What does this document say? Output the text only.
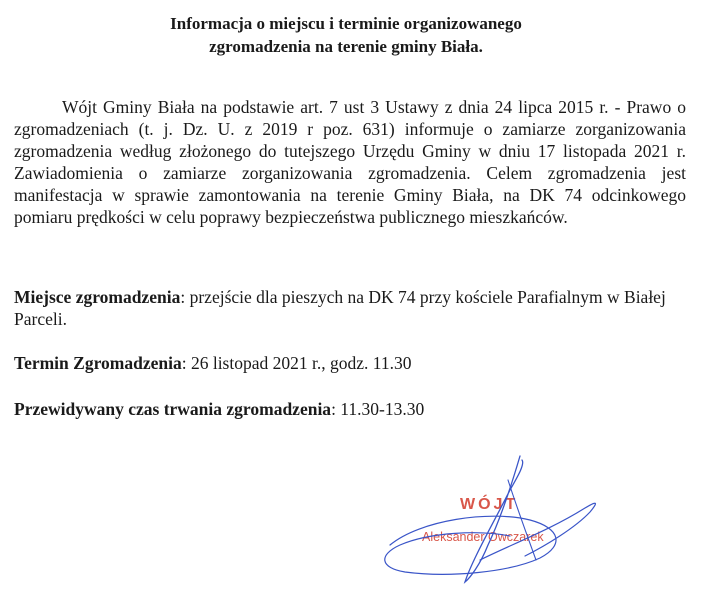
Informacja o miejscu i terminie organizowanego
zgromadzenia na terenie gminy Biała.
Wójt Gminy Biała na podstawie art. 7 ust 3 Ustawy z dnia 24 lipca 2015 r. - Prawo o zgromadzeniach (t. j. Dz. U. z 2019 r poz. 631) informuje o zamiarze zorganizowania zgromadzenia według złożonego do tutejszego Urzędu Gminy w dniu 17 listopada 2021 r. Zawiadomienia o zamiarze zorganizowania zgromadzenia. Celem zgromadzenia jest manifestacja w sprawie zamontowania na terenie Gminy Biała, na DK 74 odcinkowego pomiaru prędkości w celu poprawy bezpieczeństwa publicznego mieszkańców.
Miejsce zgromadzenia: przejście dla pieszych na DK 74 przy kościele Parafialnym w Białej Parceli.
Termin Zgromadzenia: 26 listopad 2021 r., godz. 11.30
Przewidywany czas trwania zgromadzenia: 11.30-13.30
WÓJT
Aleksander Owczarek
